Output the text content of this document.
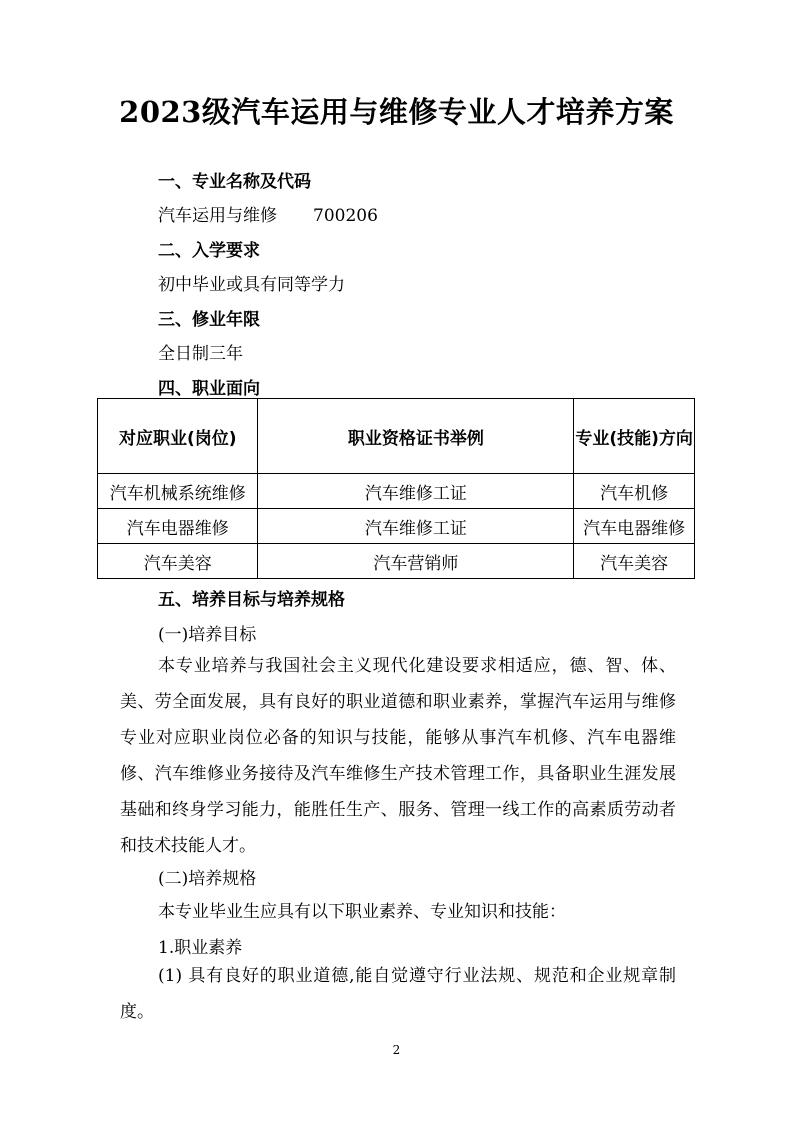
2023级汽车运用与维修专业人才培养方案
一、专业名称及代码
汽车运用与维修 700206
二、入学要求
初中毕业或具有同等学力
三、修业年限
全日制三年
四、职业面向
对应职业(岗位)	职业资格证书举例	专业(技能)方向
汽车机械系统维修	汽车维修工证	汽车机修
汽车电器维修	汽车维修工证	汽车电器维修
汽车美容	汽车营销师	汽车美容
五、培养目标与培养规格
(一)培养目标
本专业培养与我国社会主义现代化建设要求相适应，德、智、体、美、劳全面发展，具有良好的职业道德和职业素养，掌握汽车运用与维修专业对应职业岗位必备的知识与技能，能够从事汽车机修、汽车电器维修、汽车维修业务接待及汽车维修生产技术管理工作，具备职业生涯发展基础和终身学习能力，能胜任生产、服务、管理一线工作的高素质劳动者和技术技能人才。
(二)培养规格
本专业毕业生应具有以下职业素养、专业知识和技能：
1.职业素养
(1) 具有良好的职业道德,能自觉遵守行业法规、规范和企业规章制度。
2
